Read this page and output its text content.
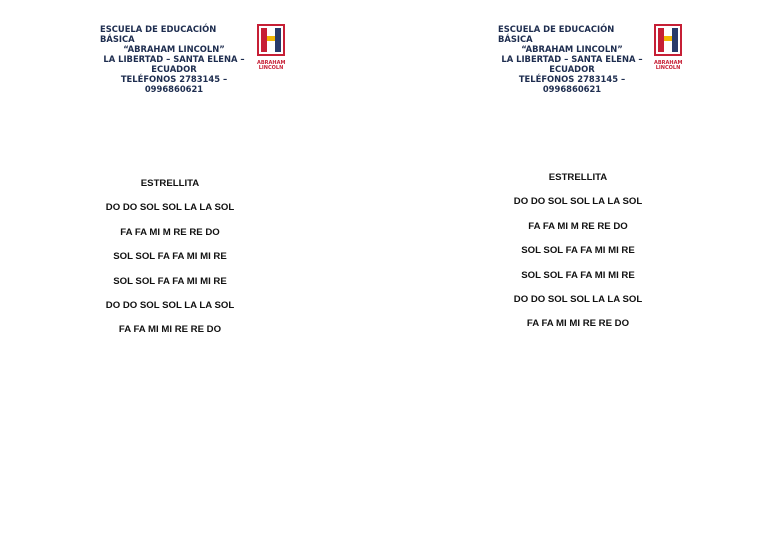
ESCUELA DE EDUCACIÓN
BÁSICA
“ABRAHAM LINCOLN”
LA LIBERTAD – SANTA ELENA –
ECUADOR
TELÉFONOS 2783145 –
0996860621
ABRAHAM
LINCOLN
ESCUELA DE EDUCACIÓN
BÁSICA
“ABRAHAM LINCOLN”
LA LIBERTAD – SANTA ELENA –
ECUADOR
TELÉFONOS 2783145 –
0996860621
ABRAHAM
LINCOLN
ESTRELLITA
DO DO SOL SOL LA LA SOL
FA FA MI M RE RE DO
SOL SOL FA FA MI MI RE
SOL SOL FA FA MI MI RE
DO DO SOL SOL LA LA SOL
FA FA MI MI RE RE DO
ESTRELLITA
DO DO SOL SOL LA LA SOL
FA FA MI M RE RE DO
SOL SOL FA FA MI MI RE
SOL SOL FA FA MI MI RE
DO DO SOL SOL LA LA SOL
FA FA MI MI RE RE DO
